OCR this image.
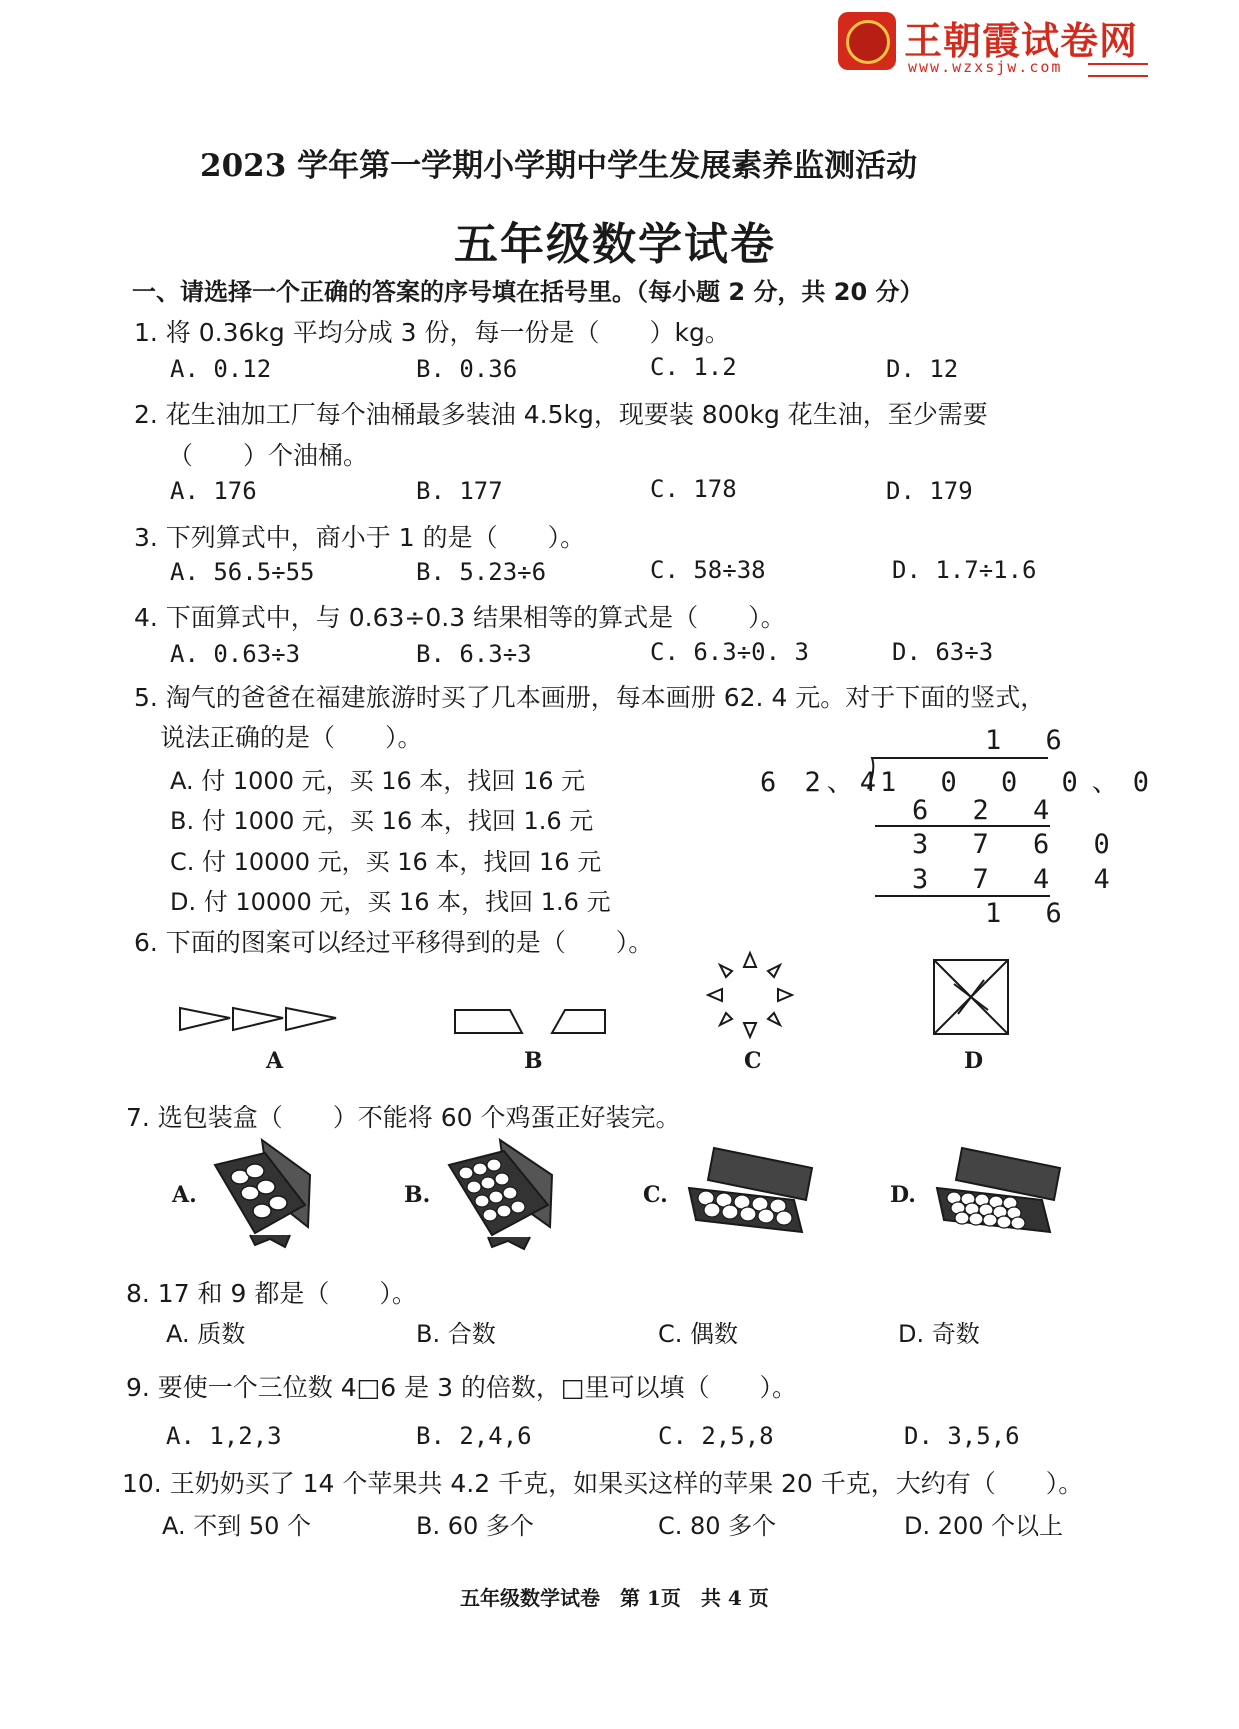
王朝霞试卷网
www.wzxsjw.com
2023 学年第一学期小学期中学生发展素养监测活动
五年级数学试卷
一、请选择一个正确的答案的序号填在括号里。（每小题 2 分，共 20 分）
1. 将 0.36kg 平均分成 3 份，每一份是（　　）kg。
A. 0.12	B. 0.36	C. 1.2	D. 12
2. 花生油加工厂每个油桶最多装油 4.5kg，现要装 800kg 花生油，至少需要
（　　）个油桶。
A. 176	B. 177	C. 178	D. 179
3. 下列算式中，商小于 1 的是（　　）。
A. 56.5÷55	B. 5.23÷6	C. 58÷38	D. 1.7÷1.6
4. 下面算式中，与 0.63÷0.3 结果相等的算式是（　　）。
A. 0.63÷3	B. 6.3÷3	C. 6.3÷0. 3	D. 63÷3
5. 淘气的爸爸在福建旅游时买了几本画册，每本画册 62. 4 元。对于下面的竖式，
说法正确的是（　　）。
A. 付 1000 元，买 16 本，找回 16 元
B. 付 1000 元，买 16 本，找回 1.6 元
C. 付 10000 元，买 16 本，找回 16 元
D. 付 10000 元，买 16 本，找回 1.6 元
1 6
6 2、4
1 0 0 0、0
6 2 4
3 7 6 0
3 7 4 4
1 6
6. 下面的图案可以经过平移得到的是（　　）。
A	B	C	D
7. 选包装盒（　　）不能将 60 个鸡蛋正好装完。
A.	B.	C.	D.
8. 17 和 9 都是（　　）。
A. 质数	B. 合数	C. 偶数	D. 奇数
9. 要使一个三位数 4□6 是 3 的倍数，□里可以填（　　）。
A. 1,2,3	B. 2,4,6	C. 2,5,8	D. 3,5,6
10. 王奶奶买了 14 个苹果共 4.2 千克，如果买这样的苹果 20 千克，大约有（　　）。
A. 不到 50 个	B. 60 多个	C. 80 多个	D. 200 个以上
五年级数学试卷　第 1页　共 4 页
